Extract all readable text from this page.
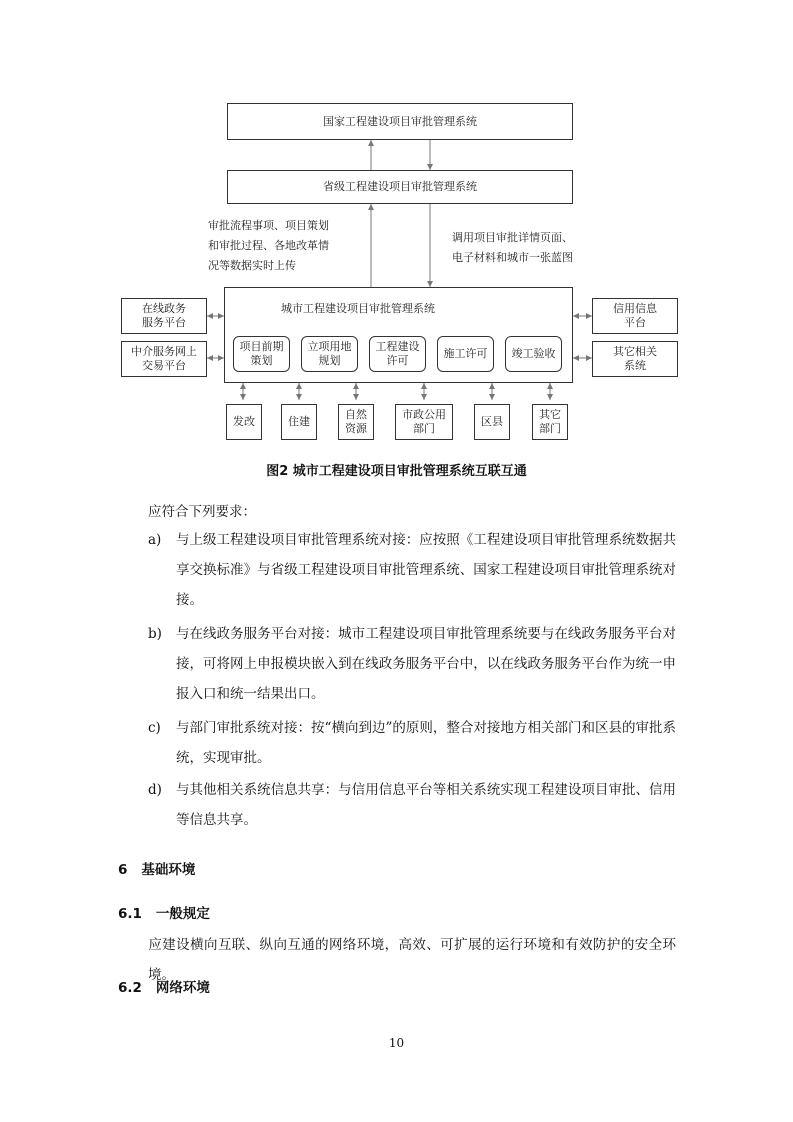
国家工程建设项目审批管理系统
省级工程建设项目审批管理系统
审批流程事项、项目策划
和审批过程、各地改革情
况等数据实时上传
调用项目审批详情页面、
电子材料和城市一张蓝图
城市工程建设项目审批管理系统
项目前期
策划
立项用地
规划
工程建设
许可
施工许可 竣工验收
在线政务
服务平台
中介服务网上
交易平台
信用信息
平台
其它相关
系统
发改	住建
自然
资源
市政公用
部门
区县
其它
部门
图2 城市工程建设项目审批管理系统互联互通
应符合下列要求：
a) 与上级工程建设项目审批管理系统对接：应按照《工程建设项目审批管理系统数据共享交换标准》与省级工程建设项目审批管理系统、国家工程建设项目审批管理系统对接。
b) 与在线政务服务平台对接：城市工程建设项目审批管理系统要与在线政务服务平台对接，可将网上申报模块嵌入到在线政务服务平台中，以在线政务服务平台作为统一申报入口和统一结果出口。
c) 与部门审批系统对接：按“横向到边”的原则，整合对接地方相关部门和区县的审批系统，实现审批。
d) 与其他相关系统信息共享：与信用信息平台等相关系统实现工程建设项目审批、信用等信息共享。
6 基础环境
6.1 一般规定
应建设横向互联、纵向互通的网络环境，高效、可扩展的运行环境和有效防护的安全环境。
6.2 网络环境
10
